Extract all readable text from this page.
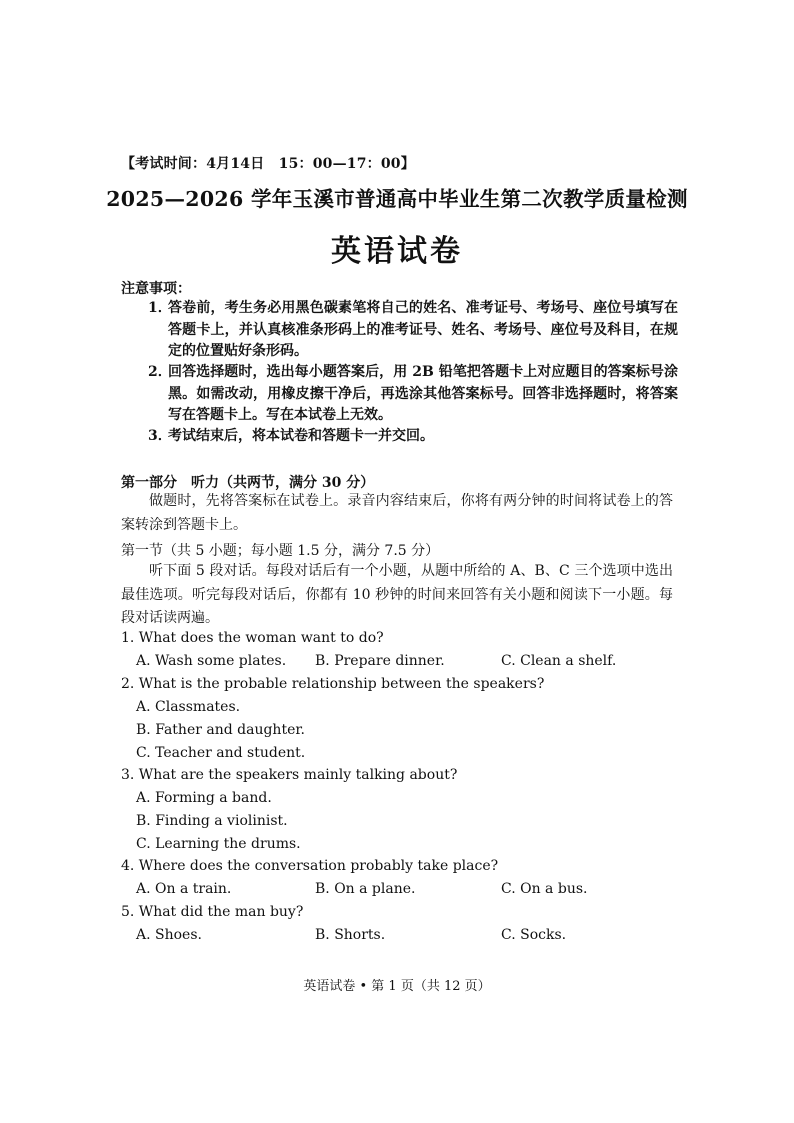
【考试时间：4月14日　15：00—17：00】
2025—2026 学年玉溪市普通高中毕业生第二次教学质量检测
英语试卷
注意事项：
1．
答卷前，考生务必用黑色碳素笔将自己的姓名、准考证号、考场号、座位号填写在答题卡上，并认真核准条形码上的准考证号、姓名、考场号、座位号及科目，在规定的位置贴好条形码。
2．
回答选择题时，选出每小题答案后，用 2B 铅笔把答题卡上对应题目的答案标号涂黑。如需改动，用橡皮擦干净后，再选涂其他答案标号。回答非选择题时，将答案写在答题卡上。写在本试卷上无效。
3．
考试结束后，将本试卷和答题卡一并交回。
第一部分　听力（共两节，满分 30 分）
做题时，先将答案标在试卷上。录音内容结束后，你将有两分钟的时间将试卷上的答案转涂到答题卡上。
第一节（共 5 小题；每小题 1.5 分，满分 7.5 分）
听下面 5 段对话。每段对话后有一个小题，从题中所给的 A、B、C 三个选项中选出最佳选项。听完每段对话后，你都有 10 秒钟的时间来回答有关小题和阅读下一小题。每段对话读两遍。
1. What does the woman want to do?
A. Wash some plates. B. Prepare dinner.	C. Clean a shelf.
2. What is the probable relationship between the speakers?
A. Classmates.
B. Father and daughter.
C. Teacher and student.
3. What are the speakers mainly talking about?
A. Forming a band.
B. Finding a violinist.
C. Learning the drums.
4. Where does the conversation probably take place?
A. On a train.	B. On a plane.	C. On a bus.
5. What did the man buy?
A. Shoes.	B. Shorts.	C. Socks.
英语试卷 • 第 1 页（共 12 页）
